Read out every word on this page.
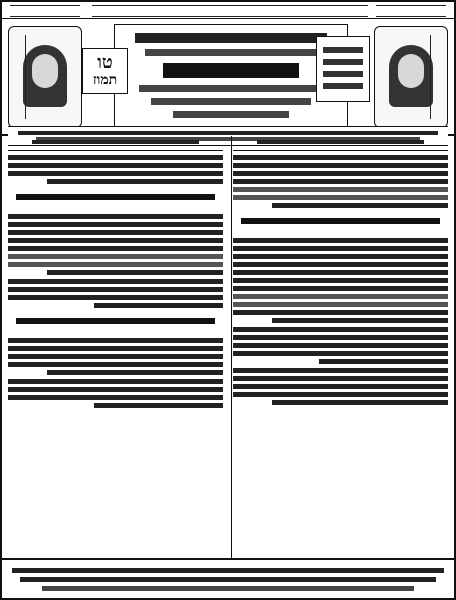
טו
תמוז
